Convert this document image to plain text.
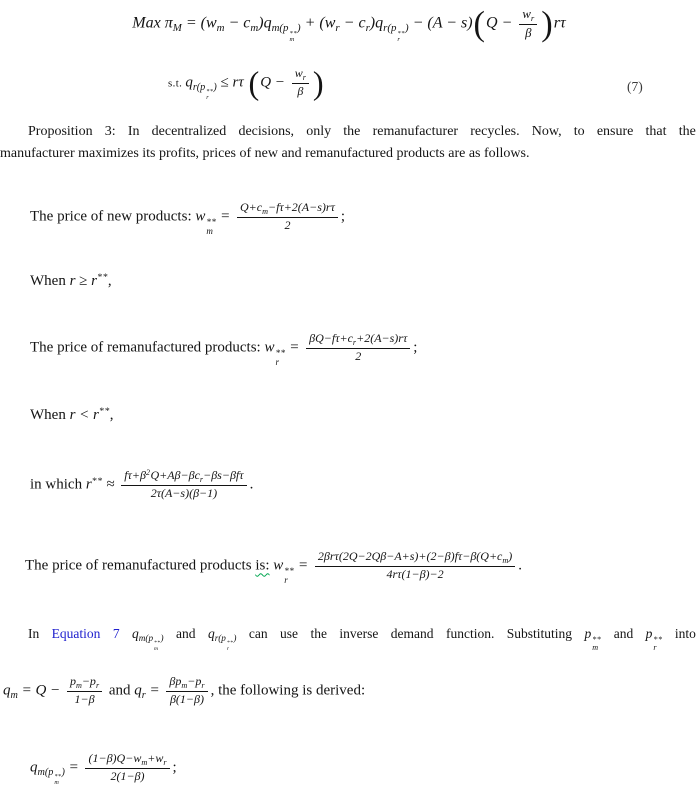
Max πM = (wm − cm)qm(p **
m
) + (wr − cr)qr(p **
r
) − $(A - s)(Q - \frac{wr}{\beta} )r\tau$
s.t. qr(p **
r
) ≤ rτ ($Q - \frac{wr}{\beta}$ )	(7)
Proposition 3: In decentralized decisions, only the remanufacturer recycles. Now, to ensure that the
manufacturer maximizes its profits, prices of new and remanufactured products are as follows.
The price of new products: w **
m
= $\frac{Q+cm-f\tau+2(A-s)r\tau}{2}$ ;
When r ≥ r**,
The price of remanufactured products: w **
r
= $\frac{\beta Q-f\tau+cr+2(A-s)r\tau}{2}$ ;
When r < r**,
in which r** ≈
fτ+β2Q+Aβ−βcr−βs−βfτ
2τ(A−s)(β−1)
.
The price of remanufactured products is: w **
r
=
2βrτ(2Q−2Qβ−A+s)+(2−β)fτ−β(Q+cm)
4rτ(1−β)−2
.
In Equation 7 qm(p **
m
) and qr(p **
r
) can use the inverse demand function. Substituting p **
m
and p **
r
into
qm = $Q - \frac{pm-pr}{1-\beta}$ and qr =
βpm−pr
β(1−β)
, the following is derived:
qm(p **
m
) = $\frac{(1-\beta)Q-wm+wr}{2(1-\beta)}$ ;
